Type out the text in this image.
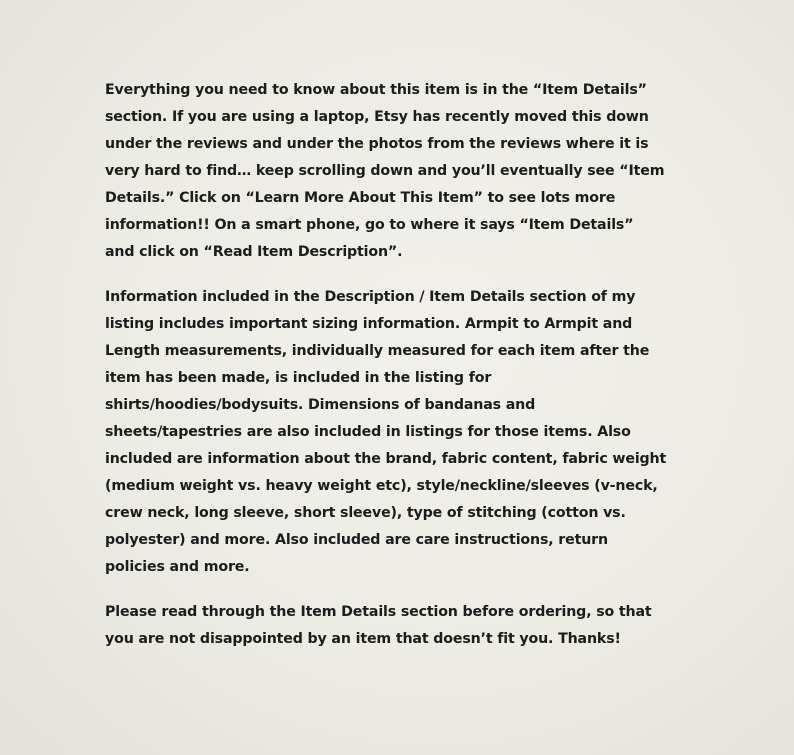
Everything you need to know about this item is in the “Item Details”
section. If you are using a laptop, Etsy has recently moved this down
under the reviews and under the photos from the reviews where it is
very hard to find… keep scrolling down and you’ll eventually see “Item
Details.” Click on “Learn More About This Item” to see lots more
information!! On a smart phone, go to where it says “Item Details”
and click on “Read Item Description”.

Information included in the Description / Item Details section of my
listing includes important sizing information. Armpit to Armpit and
Length measurements, individually measured for each item after the
item has been made, is included in the listing for
shirts/hoodies/bodysuits. Dimensions of bandanas and
sheets/tapestries are also included in listings for those items. Also
included are information about the brand, fabric content, fabric weight
(medium weight vs. heavy weight etc), style/neckline/sleeves (v-neck,
crew neck, long sleeve, short sleeve), type of stitching (cotton vs.
polyester) and more. Also included are care instructions, return
policies and more.

Please read through the Item Details section before ordering, so that
you are not disappointed by an item that doesn’t fit you. Thanks!
